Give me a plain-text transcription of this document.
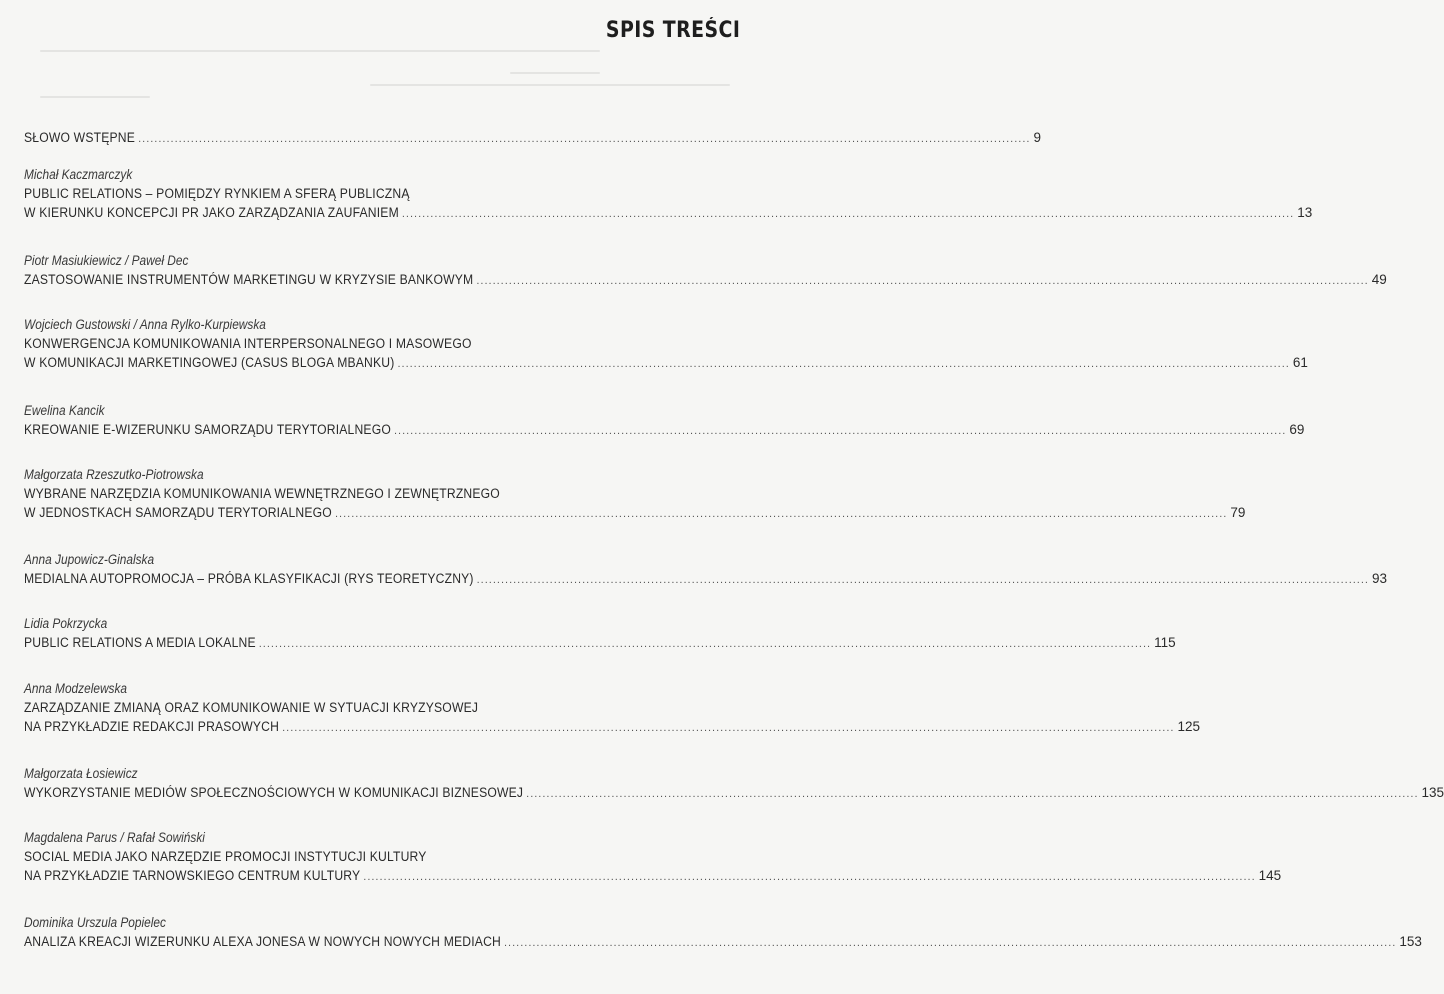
SPIS TREŚCI
SŁOWO WSTĘPNE ............................................................................................................................................................................................................................ 9
Michał Kaczmarczyk
PUBLIC RELATIONS – POMIĘDZY RYNKIEM A SFERĄ PUBLICZNĄ
W KIERUNKU KONCEPCJI PR JAKO ZARZĄDZANIA ZAUFANIEM ............................................................................................................................................................................................................................ 13
Piotr Masiukiewicz / Paweł Dec
ZASTOSOWANIE INSTRUMENTÓW MARKETINGU W KRYZYSIE BANKOWYM ............................................................................................................................................................................................................................ 49
Wojciech Gustowski / Anna Rylko-Kurpiewska
KONWERGENCJA KOMUNIKOWANIA INTERPERSONALNEGO I MASOWEGO
W KOMUNIKACJI MARKETINGOWEJ (CASUS BLOGA MBANKU) ............................................................................................................................................................................................................................ 61
Ewelina Kancik
KREOWANIE E-WIZERUNKU SAMORZĄDU TERYTORIALNEGO ............................................................................................................................................................................................................................ 69
Małgorzata Rzeszutko-Piotrowska
WYBRANE NARZĘDZIA KOMUNIKOWANIA WEWNĘTRZNEGO I ZEWNĘTRZNEGO
W JEDNOSTKACH SAMORZĄDU TERYTORIALNEGO ............................................................................................................................................................................................................................ 79
Anna Jupowicz-Ginalska
MEDIALNA AUTOPROMOCJA – PRÓBA KLASYFIKACJI (RYS TEORETYCZNY) ............................................................................................................................................................................................................................ 93
Lidia Pokrzycka
PUBLIC RELATIONS A MEDIA LOKALNE ............................................................................................................................................................................................................................ 115
Anna Modzelewska
ZARZĄDZANIE ZMIANĄ ORAZ KOMUNIKOWANIE W SYTUACJI KRYZYSOWEJ
NA PRZYKŁADZIE REDAKCJI PRASOWYCH ............................................................................................................................................................................................................................ 125
Małgorzata Łosiewicz
WYKORZYSTANIE MEDIÓW SPOŁECZNOŚCIOWYCH W KOMUNIKACJI BIZNESOWEJ ............................................................................................................................................................................................................................ 135
Magdalena Parus / Rafał Sowiński
SOCIAL MEDIA JAKO NARZĘDZIE PROMOCJI INSTYTUCJI KULTURY
NA PRZYKŁADZIE TARNOWSKIEGO CENTRUM KULTURY ............................................................................................................................................................................................................................ 145
Dominika Urszula Popielec
ANALIZA KREACJI WIZERUNKU ALEXA JONESA W NOWYCH NOWYCH MEDIACH ............................................................................................................................................................................................................................ 153
